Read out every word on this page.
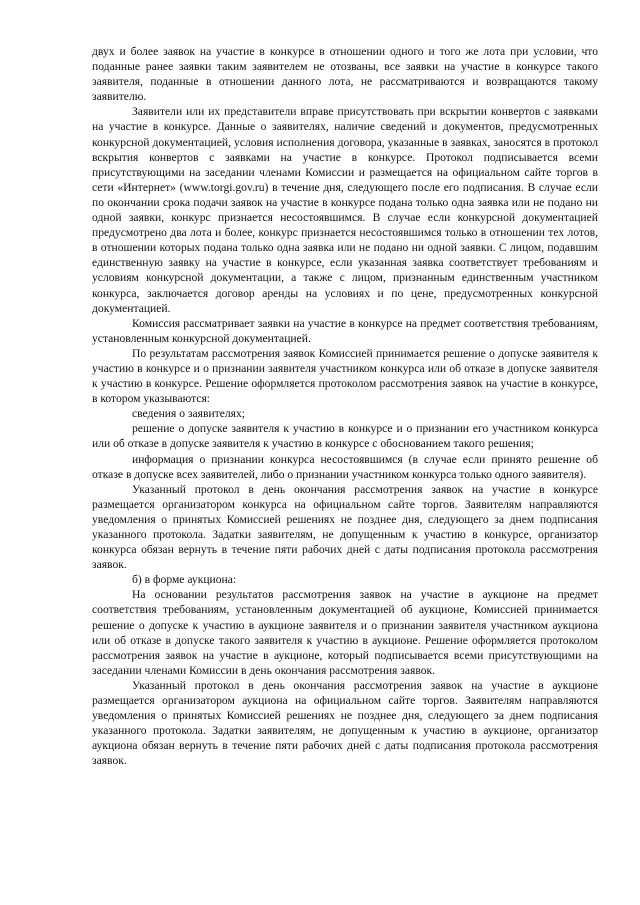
двух и более заявок на участие в конкурсе в отношении одного и того же лота при условии, что поданные ранее заявки таким заявителем не отозваны, все заявки на участие в конкурсе такого заявителя, поданные в отношении данного лота, не рассматриваются и возвращаются такому заявителю.

Заявители или их представители вправе присутствовать при вскрытии конвертов с заявками на участие в конкурсе. Данные о заявителях, наличие сведений и документов, предусмотренных конкурсной документацией, условия исполнения договора, указанные в заявках, заносятся в протокол вскрытия конвертов с заявками на участие в конкурсе. Протокол подписывается всеми присутствующими на заседании членами Комиссии и размещается на официальном сайте торгов в сети «Интернет» (www.torgi.gov.ru) в течение дня, следующего после его подписания. В случае если по окончании срока подачи заявок на участие в конкурсе подана только одна заявка или не подано ни одной заявки, конкурс признается несостоявшимся. В случае если конкурсной документацией предусмотрено два лота и более, конкурс признается несостоявшимся только в отношении тех лотов, в отношении которых подана только одна заявка или не подано ни одной заявки. С лицом, подавшим единственную заявку на участие в конкурсе, если указанная заявка соответствует требованиям и условиям конкурсной документации, а также с лицом, признанным единственным участником конкурса, заключается договор аренды на условиях и по цене, предусмотренных конкурсной документацией.

Комиссия рассматривает заявки на участие в конкурсе на предмет соответствия требованиям, установленным конкурсной документацией.

По результатам рассмотрения заявок Комиссией принимается решение о допуске заявителя к участию в конкурсе и о признании заявителя участником конкурса или об отказе в допуске заявителя к участию в конкурсе. Решение оформляется протоколом рассмотрения заявок на участие в конкурсе, в котором указываются:

сведения о заявителях;

решение о допуске заявителя к участию в конкурсе и о признании его участником конкурса или об отказе в допуске заявителя к участию в конкурсе с обоснованием такого решения;

информация о признании конкурса несостоявшимся (в случае если принято решение об отказе в допуске всех заявителей, либо о признании участником конкурса только одного заявителя).

Указанный протокол в день окончания рассмотрения заявок на участие в конкурсе размещается организатором конкурса на официальном сайте торгов. Заявителям направляются уведомления о принятых Комиссией решениях не позднее дня, следующего за днем подписания указанного протокола. Задатки заявителям, не допущенным к участию в конкурсе, организатор конкурса обязан вернуть в течение пяти рабочих дней с даты подписания протокола рассмотрения заявок.

б) в форме аукциона:

На основании результатов рассмотрения заявок на участие в аукционе на предмет соответствия требованиям, установленным документацией об аукционе, Комиссией принимается решение о допуске к участию в аукционе заявителя и о признании заявителя участником аукциона или об отказе в допуске такого заявителя к участию в аукционе. Решение оформляется протоколом рассмотрения заявок на участие в аукционе, который подписывается всеми присутствующими на заседании членами Комиссии в день окончания рассмотрения заявок.

Указанный протокол в день окончания рассмотрения заявок на участие в аукционе размещается организатором аукциона на официальном сайте торгов. Заявителям направляются уведомления о принятых Комиссией решениях не позднее дня, следующего за днем подписания указанного протокола. Задатки заявителям, не допущенным к участию в аукционе, организатор аукциона обязан вернуть в течение пяти рабочих дней с даты подписания протокола рассмотрения заявок.
